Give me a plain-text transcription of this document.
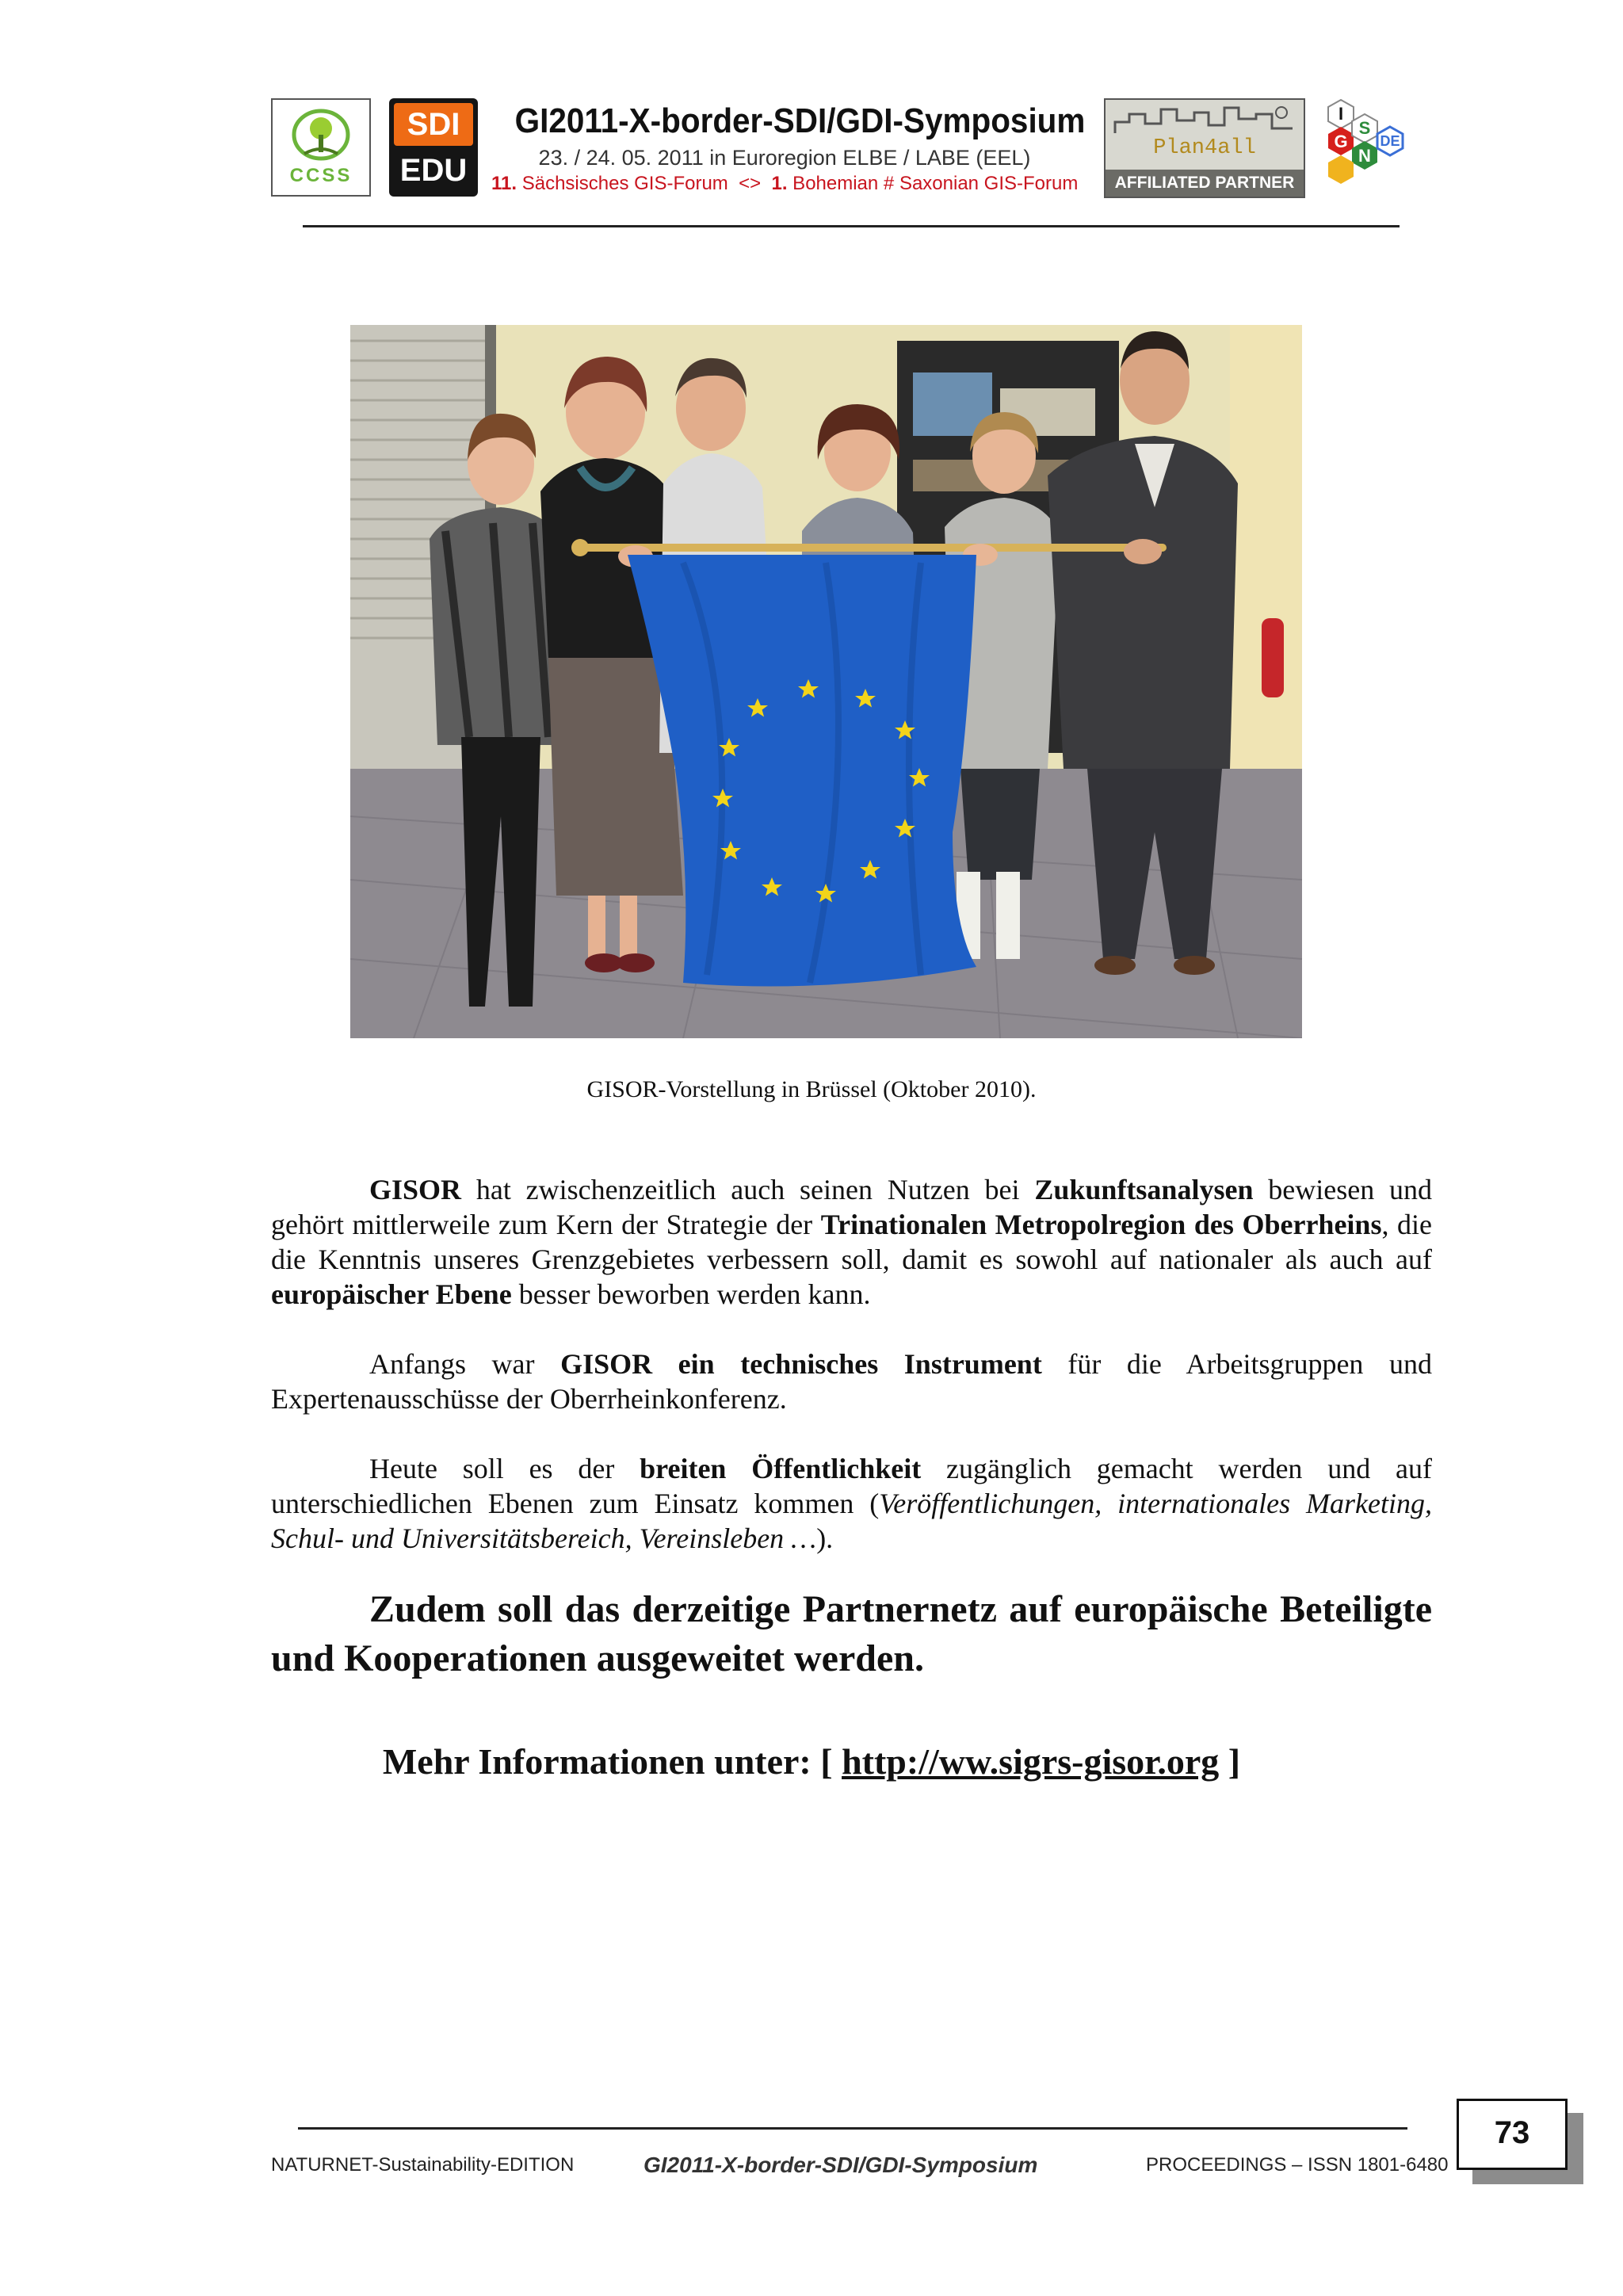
CCSS
SDI
EDU
GI2011-X-border-SDI/GDI-Symposium
23. / 24. 05. 2011 in Euroregion ELBE / LABE (EEL)
11. Sächsisches GIS-Forum  <>  1. Bohemian # Saxonian GIS-Forum
Plan4all
AFFILIATED PARTNER
I
G
S
N
DE
GISOR-Vorstellung in Brüssel (Oktober 2010).

GISOR hat zwischenzeitlich auch seinen Nutzen bei Zukunftsanalysen bewiesen und gehört mittlerweile zum Kern der Strategie der Trinationalen Metropolregion des Oberrheins, die die Kenntnis unseres Grenzgebietes verbessern soll, damit es sowohl auf nationaler als auch auf europäischer Ebene besser beworben werden kann.

Anfangs war GISOR ein technisches Instrument für die Arbeitsgruppen und Expertenausschüsse der Oberrheinkonferenz.

Heute soll es der breiten Öffentlichkeit zugänglich gemacht werden und auf unterschiedlichen Ebenen zum Einsatz kommen (Veröffentlichungen, internationales Marketing, Schul- und Universitätsbereich, Vereinsleben …).

Zudem soll das derzeitige Partnernetz auf europäische Beteiligte und Kooperationen ausgeweitet werden.

Mehr Informationen unter: [ http://ww.sigrs-gisor.org ]
NATURNET-Sustainability-EDITION	GI2011-X-border-SDI/GDI-Symposium	PROCEEDINGS – ISSN 1801-6480
73
